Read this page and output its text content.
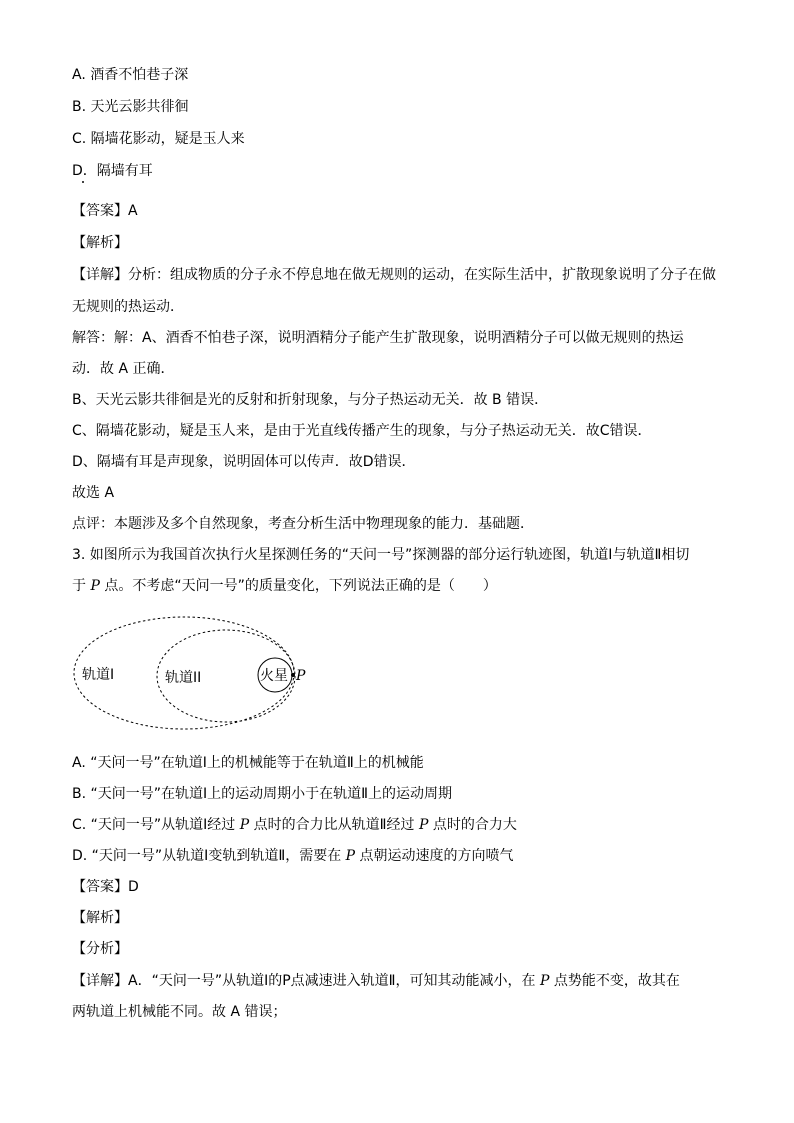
A. 酒香不怕巷子深
B. 天光云影共徘徊
C. 隔墙花影动，疑是玉人来
D．隔墙有耳
【答案】A
【解析】
【详解】分析：组成物质的分子永不停息地在做无规则的运动，在实际生活中，扩散现象说明了分子在做
无规则的热运动．
解答：解：A、酒香不怕巷子深，说明酒精分子能产生扩散现象，说明酒精分子可以做无规则的热运
动．故 A 正确．
B、天光云影共徘徊是光的反射和折射现象，与分子热运动无关．故 B 错误．
C、隔墙花影动，疑是玉人来，是由于光直线传播产生的现象，与分子热运动无关．故C错误．
D、隔墙有耳是声现象，说明固体可以传声．故D错误．
故选 A
点评：本题涉及多个自然现象，考查分析生活中物理现象的能力．基础题．
3. 如图所示为我国首次执行火星探测任务的“天问一号”探测器的部分运行轨迹图，轨道Ⅰ与轨道Ⅱ相切
于 P 点。不考虑“天问一号”的质量变化，下列说法正确的是（　　）
轨道I	轨道II	火星 P
A. “天问一号”在轨道Ⅰ上的机械能等于在轨道Ⅱ上的机械能
B. “天问一号”在轨道Ⅰ上的运动周期小于在轨道Ⅱ上的运动周期
C. “天问一号”从轨道Ⅰ经过 P 点时的合力比从轨道Ⅱ经过 P 点时的合力大
D. “天问一号”从轨道Ⅰ变轨到轨道Ⅱ，需要在 P 点朝运动速度的方向喷气
【答案】D
【解析】
【分析】
【详解】A．“天问一号”从轨道Ⅰ的P点减速进入轨道Ⅱ，可知其动能减小，在 P 点势能不变，故其在
两轨道上机械能不同。故 A 错误；
